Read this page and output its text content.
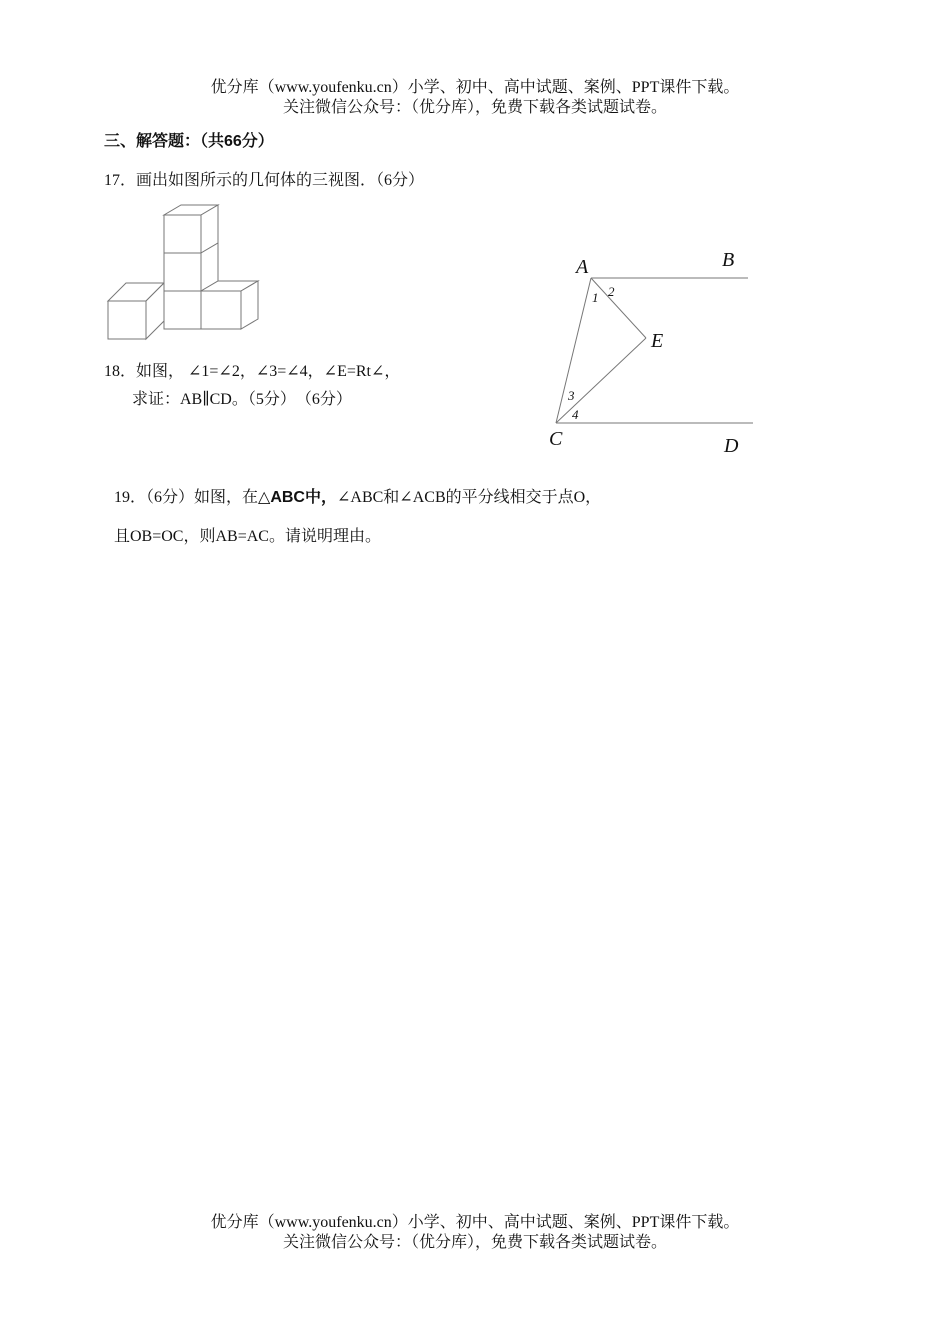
优分库（www.youfenku.cn）小学、初中、高中试题、案例、PPT课件下载。
关注微信公众号：（优分库），免费下载各类试题试卷。
三、解答题：（共66分）
17．画出如图所示的几何体的三视图．（6分）
18．如图， ∠1=∠2，∠3=∠4，∠E=Rt∠，
求证：AB∥CD。（5分）　（6分）
A	B
E
C	D
1 2
3
4
19．（6分）如图，在△ABC中，∠ABC和∠ACB的平分线相交于点O，
且OB=OC，则AB=AC。请说明理由。
优分库（www.youfenku.cn）小学、初中、高中试题、案例、PPT课件下载。
关注微信公众号：（优分库），免费下载各类试题试卷。
